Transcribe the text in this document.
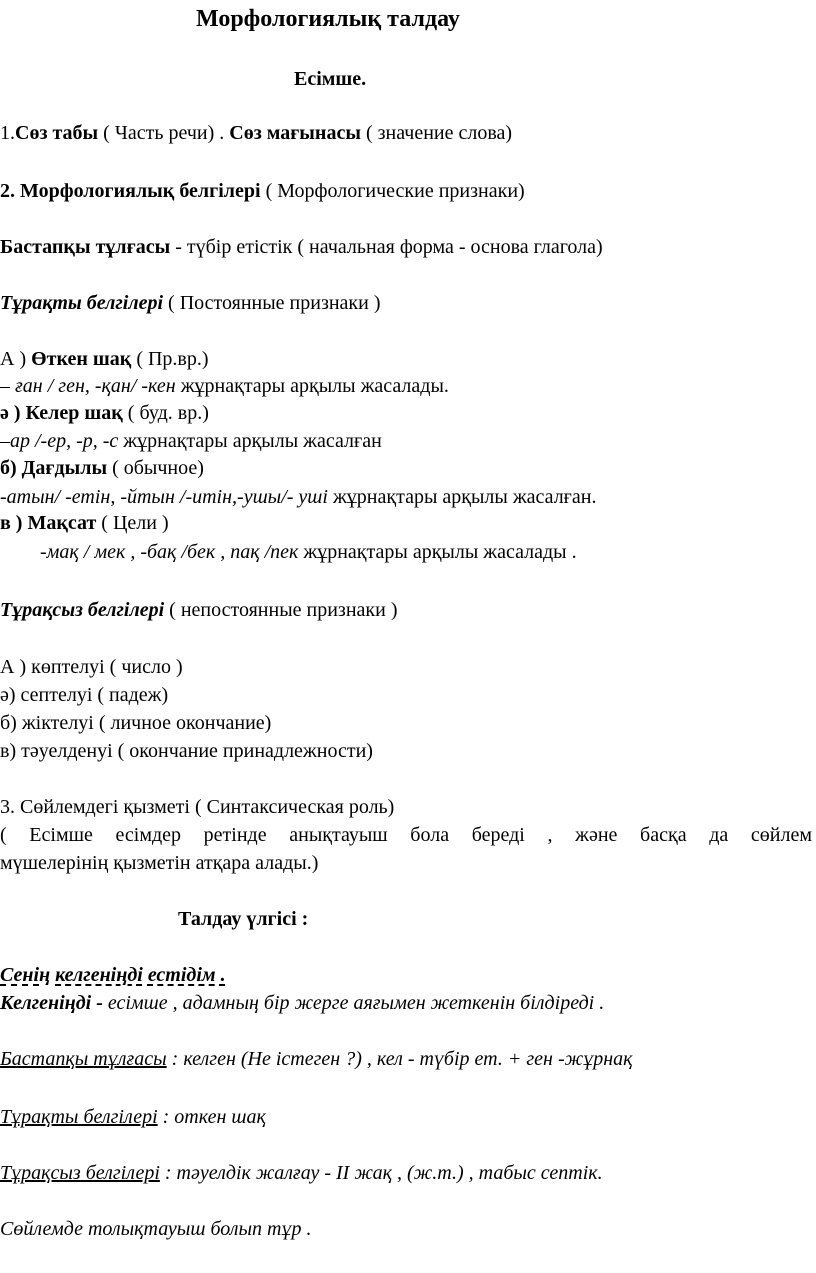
Морфологиялық талдау
Есімше.
1.Сөз табы ( Часть речи) . Сөз мағынасы ( значение слова)
2. Морфологиялық белгілері ( Морфологические признаки)
Бастапқы тұлғасы - түбір етістік ( начальная форма - основа глагола)
Тұрақты белгілері ( Постоянные признаки )
А ) Өткен шақ ( Пр.вр.)
– ған / ген, -қан/ -кен жұрнақтары арқылы жасалады.
ә ) Келер шақ ( буд. вр.)
–ар /-ер, -р, -с жұрнақтары арқылы жасалған
б) Дағдылы ( обычное)
-атын/ -етін, -йтын /-итін,-ушы/- уші жұрнақтары арқылы жасалған.
в ) Мақсат ( Цели )
-мақ / мек , -бақ /бек , пақ /пек жұрнақтары арқылы жасалады .
Тұрақсыз белгілері ( непостоянные признаки )
А ) көптелуі ( число )
ә) септелуі ( падеж)
б) жіктелуі ( личное окончание)
в) тәуелденуі ( окончание принадлежности)
3. Сөйлемдегі қызметі ( Синтаксическая роль)
( Есімше есімдер ретінде анықтауыш бола береді , және басқа да сөйлем
мүшелерінің қызметін атқара алады.)
Талдау үлгісі :
Сенің келгеніңді естідім .
Келгеніңді - есімше , адамның бір жерге аяғымен жеткенін білдіреді .
Бастапқы тұлғасы : келген (Не істеген ?) , кел - түбір ет. + ген -жұрнақ
Тұрақты белгілері : откен шақ
Тұрақсыз белгілері : тәуелдік жалғау - ІІ жақ , (ж.т.) , табыс септік.
Сөйлемде толықтауыш болып тұр .
